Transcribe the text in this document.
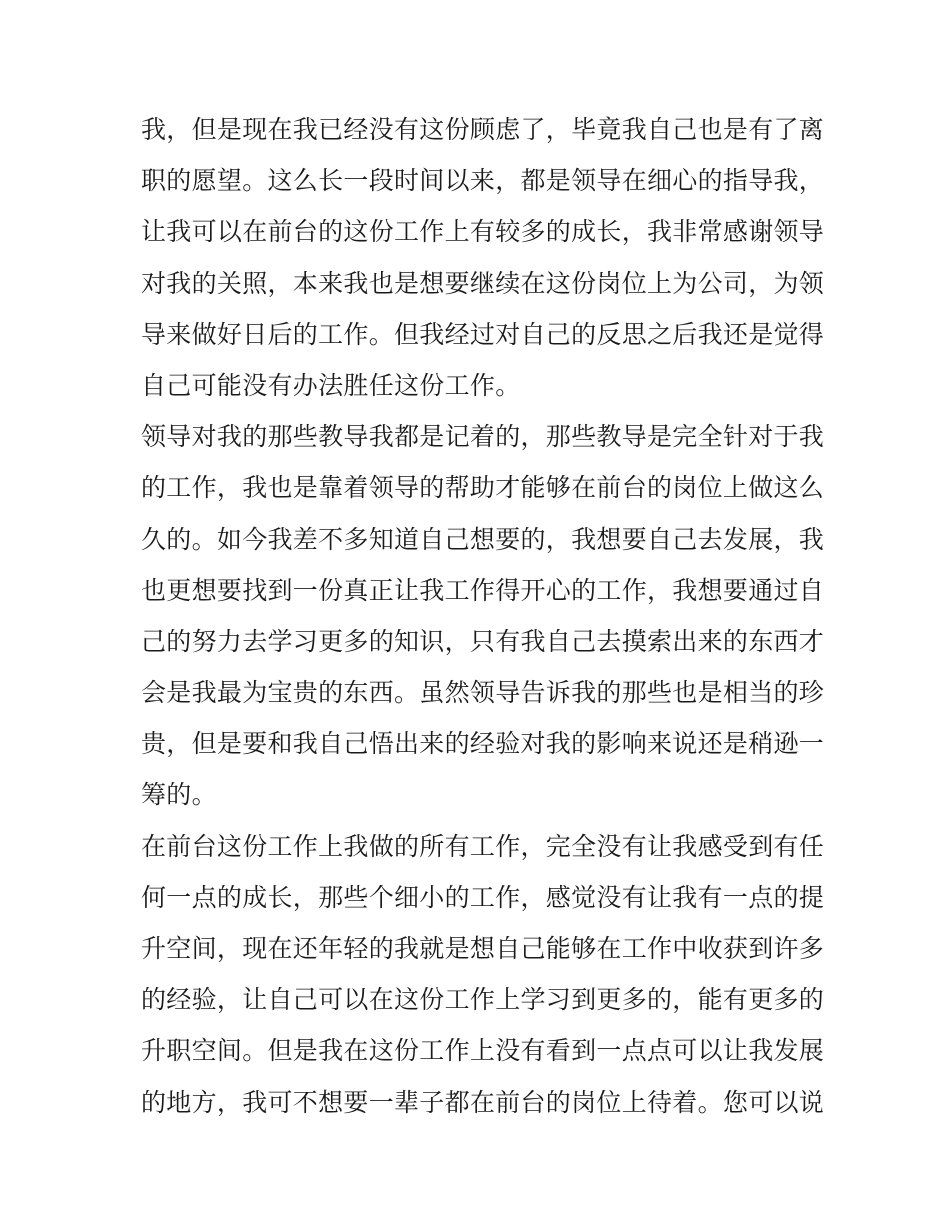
我，但是现在我已经没有这份顾虑了，毕竟我自己也是有了离
职的愿望。这么长一段时间以来，都是领导在细心的指导我，
让我可以在前台的这份工作上有较多的成长，我非常感谢领导
对我的关照，本来我也是想要继续在这份岗位上为公司，为领
导来做好日后的工作。但我经过对自己的反思之后我还是觉得
自己可能没有办法胜任这份工作。
领导对我的那些教导我都是记着的，那些教导是完全针对于我
的工作，我也是靠着领导的帮助才能够在前台的岗位上做这么
久的。如今我差不多知道自己想要的，我想要自己去发展，我
也更想要找到一份真正让我工作得开心的工作，我想要通过自
己的努力去学习更多的知识，只有我自己去摸索出来的东西才
会是我最为宝贵的东西。虽然领导告诉我的那些也是相当的珍
贵，但是要和我自己悟出来的经验对我的影响来说还是稍逊一
筹的。
在前台这份工作上我做的所有工作，完全没有让我感受到有任
何一点的成长，那些个细小的工作，感觉没有让我有一点的提
升空间，现在还年轻的我就是想自己能够在工作中收获到许多
的经验，让自己可以在这份工作上学习到更多的，能有更多的
升职空间。但是我在这份工作上没有看到一点点可以让我发展
的地方，我可不想要一辈子都在前台的岗位上待着。您可以说
